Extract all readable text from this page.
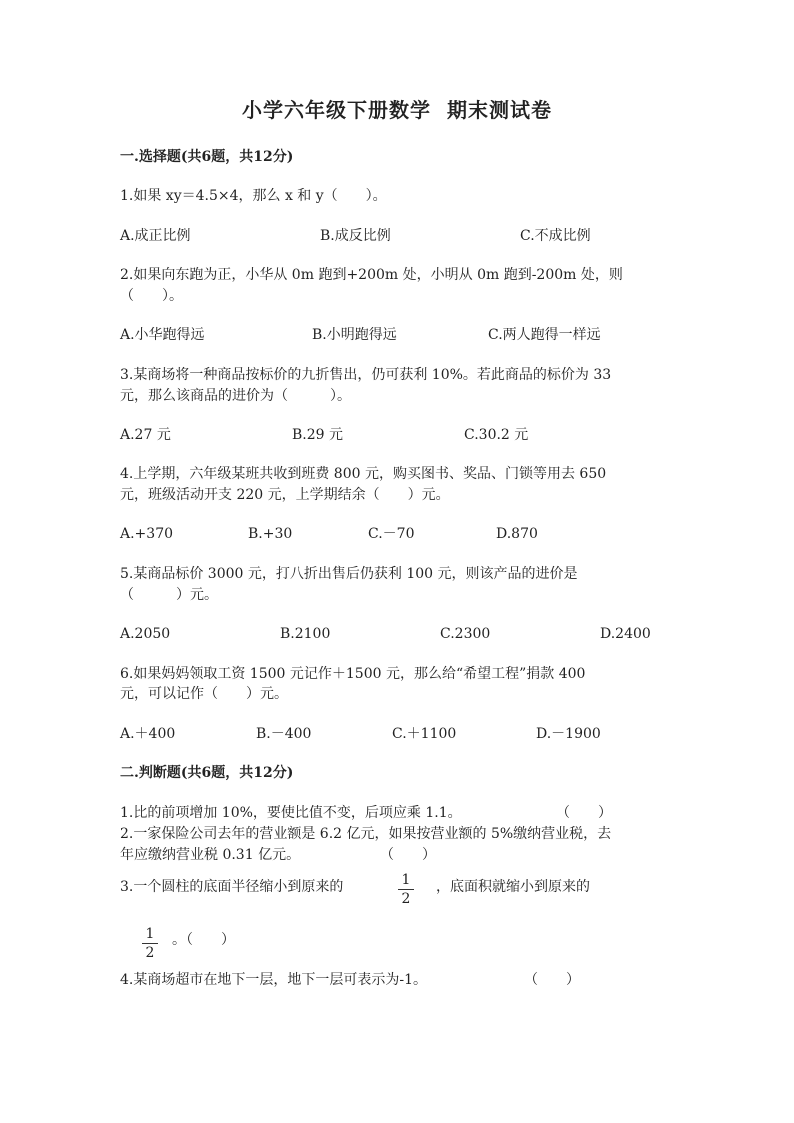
小学六年级下册数学  期末测试卷
一.选择题(共6题，共12分)
1.如果 xy＝4.5×4，那么 x 和 y（　　）。
A.成正比例	B.成反比例	C.不成比例
2.如果向东跑为正，小华从 0m 跑到+200m 处，小明从 0m 跑到-200m 处，则
（　　）。
A.小华跑得远	B.小明跑得远	C.两人跑得一样远
3.某商场将一种商品按标价的九折售出，仍可获利 10%。若此商品的标价为 33
元，那么该商品的进价为（　　　）。
A.27 元	B.29 元	C.30.2 元
4.上学期，六年级某班共收到班费 800 元，购买图书、奖品、门锁等用去 650
元，班级活动开支 220 元，上学期结余（　　）元。
A.+370	B.+30	C.－70	D.870
5.某商品标价 3000 元，打八折出售后仍获利 100 元，则该产品的进价是
（　　　）元。
A.2050	B.2100	C.2300	D.2400
6.如果妈妈领取工资 1500 元记作＋1500 元，那么给“希望工程”捐款 400
元，可以记作（　　）元。
A.＋400	B.－400	C.＋1100	D.－1900
二.判断题(共6题，共12分)
1.比的前项增加 10%，要使比值不变，后项应乘 1.1。	（　　）
2.一家保险公司去年的营业额是 6.2 亿元，如果按营业额的 5%缴纳营业税，去
年应缴纳营业税 0.31 亿元。	（　　）
3.一个圆柱的底面半径缩小到原来的	1
2
，底面积就缩小到原来的
1
2
。（　　）
4.某商场超市在地下一层，地下一层可表示为-1。	（　　）
